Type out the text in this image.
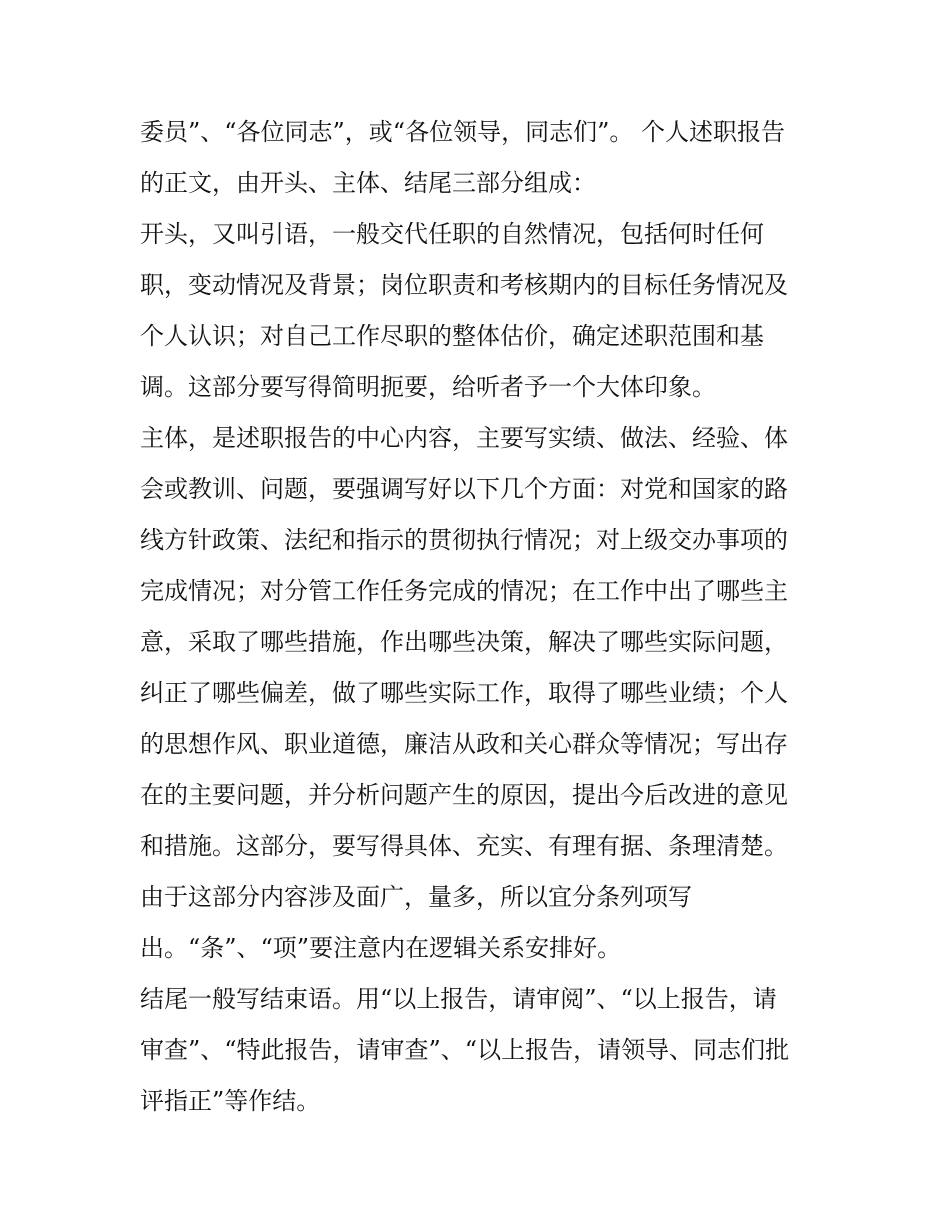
委员”、“各位同志”，或“各位领导，同志们”。 个人述职报告
的正文，由开头、主体、结尾三部分组成：
开头，又叫引语，一般交代任职的自然情况，包括何时任何
职，变动情况及背景；岗位职责和考核期内的目标任务情况及
个人认识；对自己工作尽职的整体估价，确定述职范围和基
调。这部分要写得简明扼要，给听者予一个大体印象。
主体，是述职报告的中心内容，主要写实绩、做法、经验、体
会或教训、问题，要强调写好以下几个方面：对党和国家的路
线方针政策、法纪和指示的贯彻执行情况；对上级交办事项的
完成情况；对分管工作任务完成的情况；在工作中出了哪些主
意，采取了哪些措施，作出哪些决策，解决了哪些实际问题，
纠正了哪些偏差，做了哪些实际工作，取得了哪些业绩；个人
的思想作风、职业道德，廉洁从政和关心群众等情况；写出存
在的主要问题，并分析问题产生的原因，提出今后改进的意见
和措施。这部分，要写得具体、充实、有理有据、条理清楚。
由于这部分内容涉及面广，量多，所以宜分条列项写
出。“条”、“项”要注意内在逻辑关系安排好。
结尾一般写结束语。用“以上报告，请审阅”、“以上报告，请
审查”、“特此报告，请审查”、“以上报告，请领导、同志们批
评指正”等作结。
